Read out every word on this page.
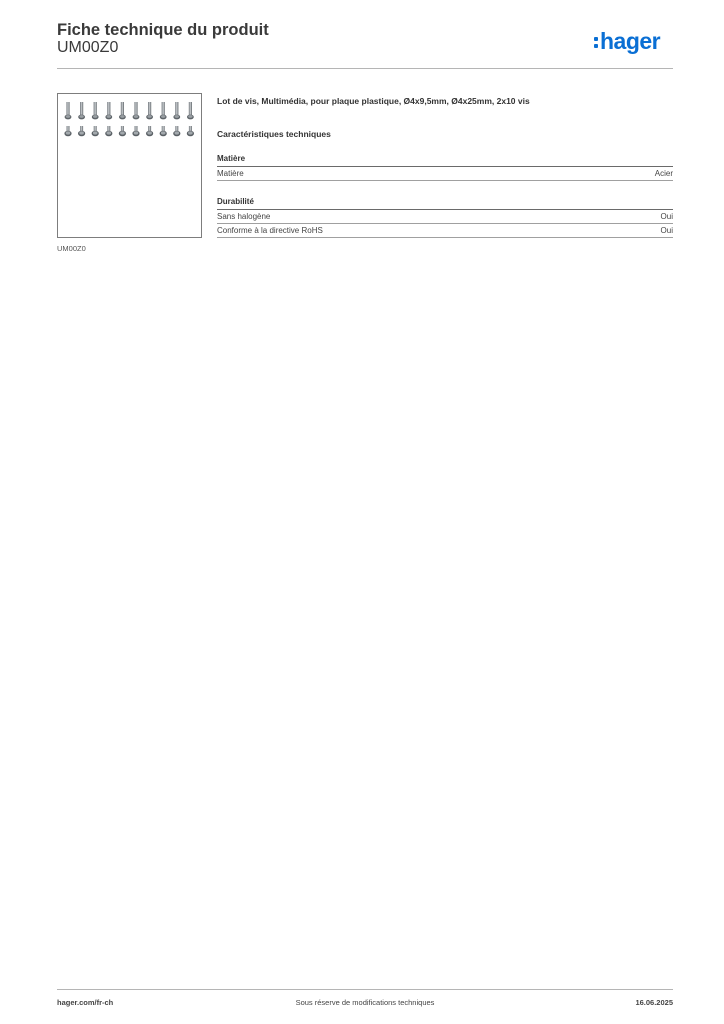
Fiche technique du produit
UM00Z0	hager
UM00Z0

Lot de vis, Multimédia, pour plaque plastique, Ø4x9,5mm, Ø4x25mm, 2x10 vis

Caractéristiques techniques

Matière
Matière	Acier
Durabilité
Sans halogène	Oui
Conforme à la directive RoHS	Oui
hager.com/fr-ch	Sous réserve de modifications techniques	16.06.2025
